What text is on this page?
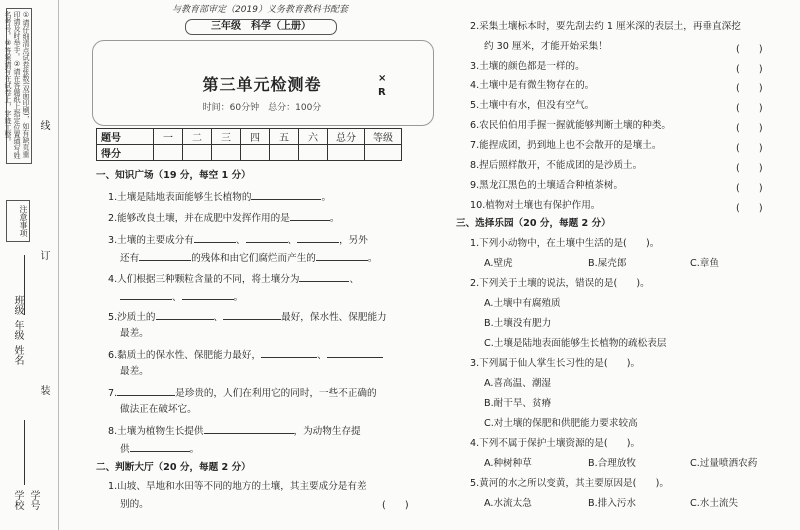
①请仔细清点试卷张数(双面印刷)，如有缺页重印请及时举手。②请在答题纸上指定位置填写姓名考号。③答案请写在试卷上，字迹工整。
注意事项
线
订
装
年级
姓名
班级
学校 学号
与教育部审定（2019）义务教育教科书配套
三年级　科学（上册）
第三单元检测卷
时间：60分钟　总分：100分
×
R
题号	一	二	三	四	五	六	总分	等级
得分								
一、知识广场（19 分，每空 1 分）
1.土壤是陆地表面能够生长植物的	。
2.能够改良土壤，并在成肥中发挥作用的是	。
3.土壤的主要成分有	、	、	，另外
还有	的残体和由它们腐烂而产生的	。
4.人们根据三种颗粒含量的不同，将土壤分为	、
、	。
5.沙质土的	、	最好，保水性、保肥能力
最差。
6.黏质土的保水性、保肥能力最好，	、
最差。
7.	是珍贵的，人们在利用它的同时，一些不正确的
做法正在破坏它。
8.土壤为植物生长提供	，为动物生存提
供	。
二、判断大厅（20 分，每题 2 分）
1.山坡、旱地和水田等不同的地方的土壤，其主要成分是有差
别的。	(　　)
2.采集土壤标本时，要先刮去约 1 厘米深的表层土，再垂直深挖
约 30 厘米，才能开始采集！	(　　)
3.土壤的颜色都是一样的。	(　　)
4.土壤中是有微生物存在的。	(　　)
5.土壤中有水，但没有空气。	(　　)
6.农民伯伯用手握一握就能够判断土壤的种类。	(　　)
7.能捏成团，扔到地上也不会散开的是壤土。	(　　)
8.捏后照样散开，不能成团的是沙质土。	(　　)
9.黑龙江黑色的土壤适合种植茶树。	(　　)
10.植物对土壤也有保护作用。	(　　)
三、选择乐园（20 分，每题 2 分）
1.下列小动物中，在土壤中生活的是(　　)。
A.壁虎	B.屎壳郎	C.章鱼
2.下列关于土壤的说法，错误的是(　　)。
A.土壤中有腐殖质
B.土壤没有肥力
C.土壤是陆地表面能够生长植物的疏松表层
3.下列属于仙人掌生长习性的是(　　)。
A.喜高温、潮湿
B.耐干旱、贫瘠
C.对土壤的保肥和供肥能力要求较高
4.下列不属于保护土壤资源的是(　　)。
A.种树种草	B.合理放牧	C.过量喷洒农药
5.黄河的水之所以变黄，其主要原因是(　　)。
A.水流太急	B.排入污水	C.水土流失
